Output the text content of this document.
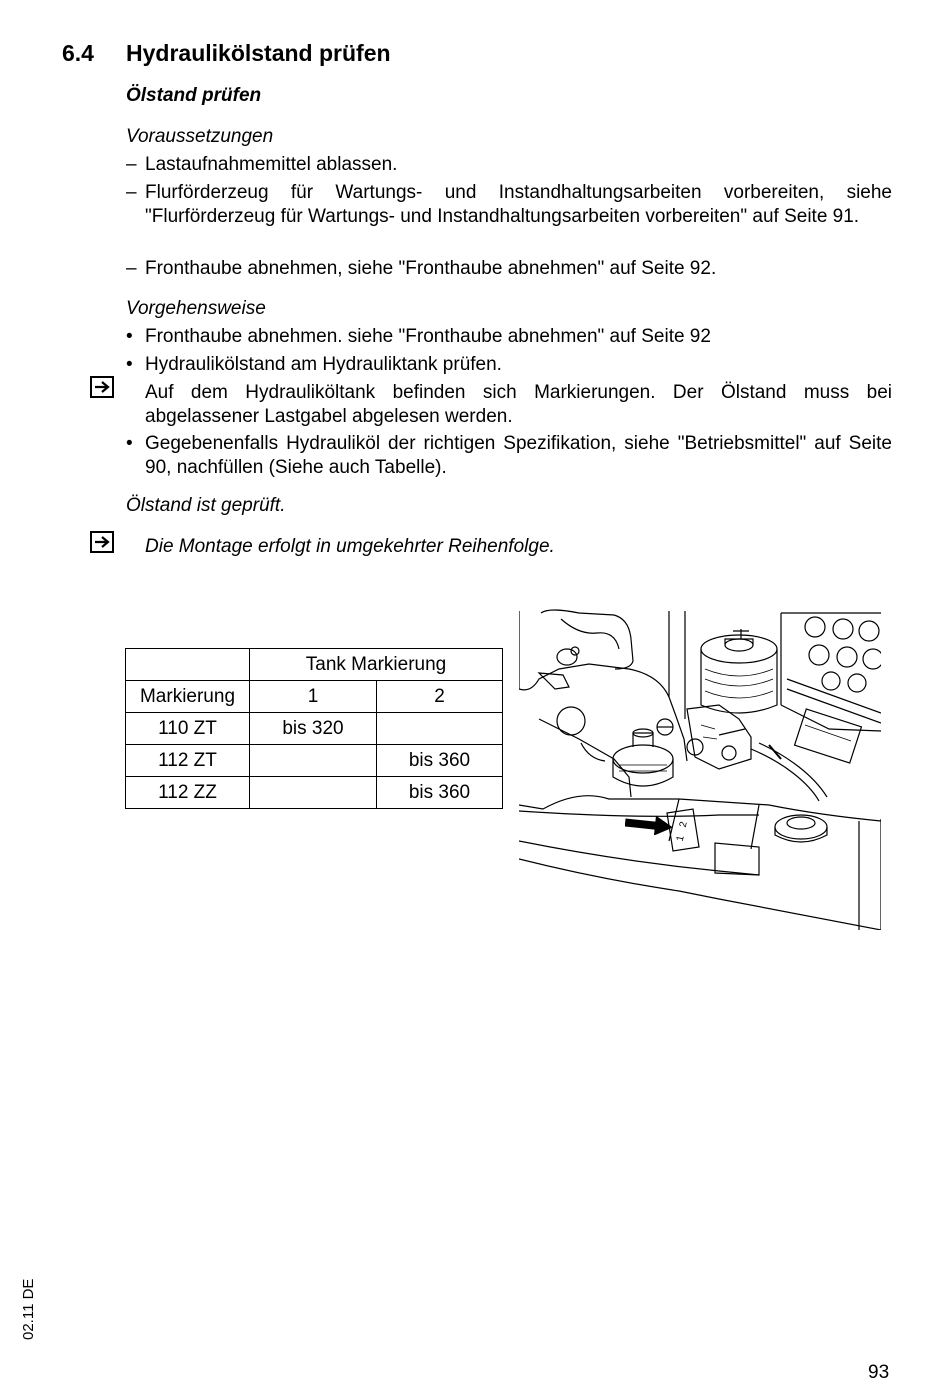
6.4 Hydraulikölstand prüfen
Ölstand prüfen
Voraussetzungen
– Lastaufnahmemittel ablassen.
– Flurförderzeug für Wartungs- und Instandhaltungsarbeiten vorbereiten, siehe "Flurförderzeug für Wartungs- und Instandhaltungsarbeiten vorbereiten" auf Seite 91.
– Fronthaube abnehmen, siehe "Fronthaube abnehmen" auf Seite 92.
Vorgehensweise
• Fronthaube abnehmen. siehe "Fronthaube abnehmen" auf Seite 92
• Hydraulikölstand am Hydrauliktank prüfen.
Auf dem Hydrauliköltank befinden sich Markierungen. Der Ölstand muss bei abgelassener Lastgabel abgelesen werden.
• Gegebenenfalls Hydrauliköl der richtigen Spezifikation, siehe "Betriebsmittel" auf Seite 90, nachfüllen (Siehe auch Tabelle).
Ölstand ist geprüft.
Die Montage erfolgt in umgekehrter Reihenfolge.
	Tank Markierung	
Markierung	1	2
110 ZT	bis 320	
112 ZT		bis 360
112 ZZ		bis 360
2
1
02.11 DE
93
